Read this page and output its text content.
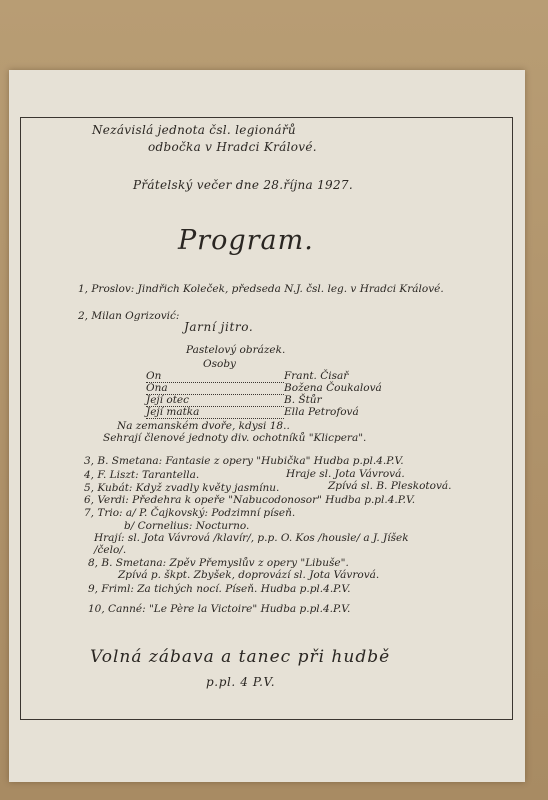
Nezávislá jednota čsl. legionářů
odbočka v Hradci Králové.
Přátelský večer dne 28.října 1927.
Program.
1, Proslov: Jindřich Koleček, předseda N.J. čsl. leg. v Hradci Králové.
2, Milan Ogrizović:
Jarní jitro.
Pastelový obrázek.
Osoby
On	Frant. Čisař
Ona	Božena Čoukalová
Její otec	B. Štůr
Její matka	Ella Petrofová
Na zemanském dvoře, kdysi 18..
Sehrají členové jednoty div. ochotníků "Klicpera".
3, B. Smetana: Fantasie z opery "Hubička" Hudba p.pl.4.P.V.
4, F. Liszt: Tarantella.	Hraje sl. Jota Vávrová.
5, Kubát: Když zvadly květy jasmínu.	Zpívá sl. B. Pleskotová.
6, Verdi: Předehra k opeře "Nabucodonosor" Hudba p.pl.4.P.V.
7, Trio: a/ P. Čajkovský: Podzimní píseň.
b/ Cornelius: Nocturno.
Hrají: sl. Jota Vávrová /klavír/, p.p. O. Kos /housle/ a J. Jíšek
/čelo/.
8, B. Smetana: Zpěv Přemyslův z opery "Libuše".
Zpívá p. škpt. Zbyšek, doprovází sl. Jota Vávrová.
9, Friml: Za tichých nocí. Píseň. Hudba p.pl.4.P.V.
10, Canné: "Le Père la Victoire" Hudba p.pl.4.P.V.
Volná zábava a tanec při hudbě
p.pl. 4 P.V.
